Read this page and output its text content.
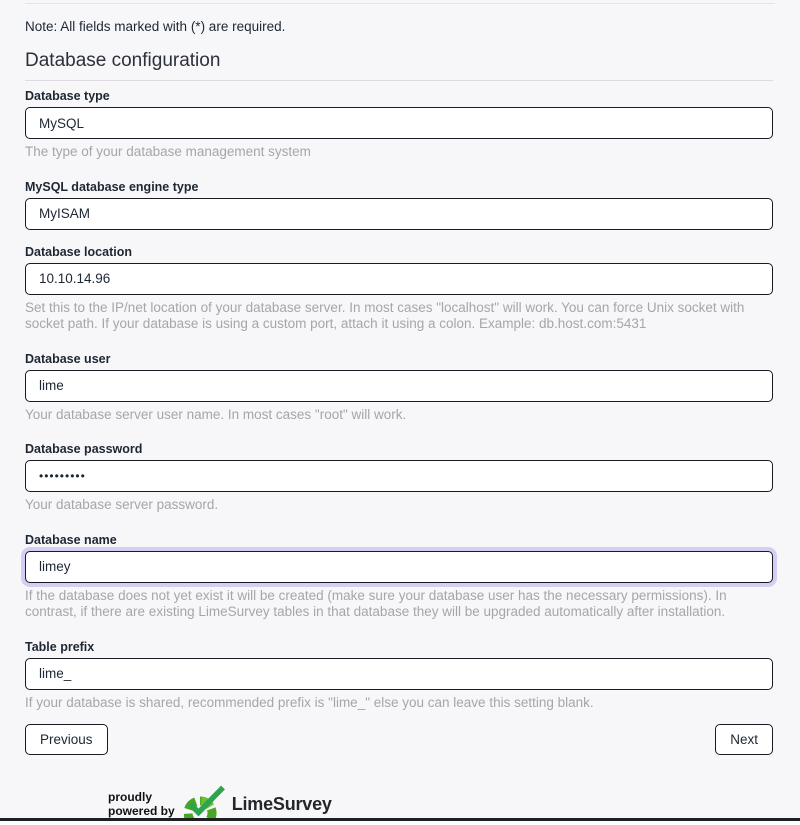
Note: All fields marked with (*) are required.

Database configuration
Database type
MySQL
The type of your database management system
MySQL database engine type
MyISAM
Database location
10.10.14.96
Set this to the IP/net location of your database server. In most cases "localhost" will work. You can force Unix socket with socket path. If your database is using a custom port, attach it using a colon. Example: db.host.com:5431
Database user
lime
Your database server user name. In most cases "root" will work.
Database password
•••••••••
Your database server password.
Database name
limey
If the database does not yet exist it will be created (make sure your database user has the necessary permissions). In contrast, if there are existing LimeSurvey tables in that database they will be upgraded automatically after installation.
Table prefix
lime_
If your database is shared, recommended prefix is "lime_" else you can leave this setting blank.
Previous	Next
proudly
powered by	LimeSurvey
